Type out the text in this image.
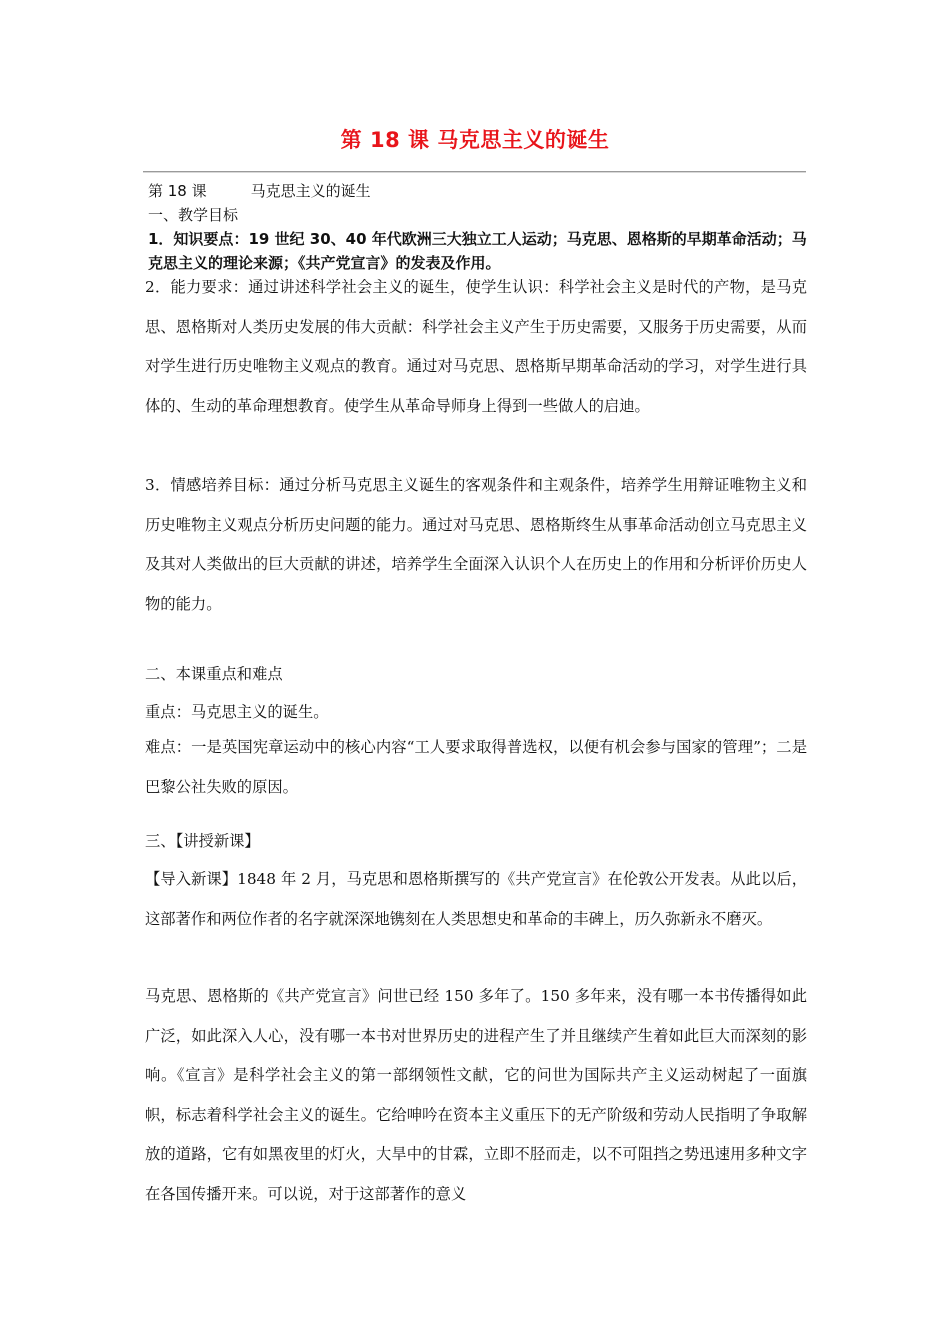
第 18 课 马克思主义的诞生
第 18 课	马克思主义的诞生
一、教学目标
1．知识要点：19 世纪 30、40 年代欧洲三大独立工人运动；马克思、恩格斯的早期革命活动；马克思主义的理论来源；《共产党宣言》的发表及作用。

2．能力要求：通过讲述科学社会主义的诞生，使学生认识：科学社会主义是时代的产物，是马克思、恩格斯对人类历史发展的伟大贡献：科学社会主义产生于历史需要，又服务于历史需要，从而对学生进行历史唯物主义观点的教育。通过对马克思、恩格斯早期革命活动的学习，对学生进行具体的、生动的革命理想教育。使学生从革命导师身上得到一些做人的启迪。

3．情感培养目标：通过分析马克思主义诞生的客观条件和主观条件，培养学生用辩证唯物主义和历史唯物主义观点分析历史问题的能力。通过对马克思、恩格斯终生从事革命活动创立马克思主义及其对人类做出的巨大贡献的讲述，培养学生全面深入认识个人在历史上的作用和分析评价历史人物的能力。

二、本课重点和难点
重点：马克思主义的诞生。

难点：一是英国宪章运动中的核心内容“工人要求取得普选权，以便有机会参与国家的管理”；二是巴黎公社失败的原因。

三、【讲授新课】

【导入新课】1848 年 2 月，马克思和恩格斯撰写的《共产党宣言》在伦敦公开发表。从此以后，这部著作和两位作者的名字就深深地镌刻在人类思想史和革命的丰碑上，历久弥新永不磨灭。

马克思、恩格斯的《共产党宣言》问世已经 150 多年了。150 多年来，没有哪一本书传播得如此广泛，如此深入人心，没有哪一本书对世界历史的进程产生了并且继续产生着如此巨大而深刻的影响。《宣言》是科学社会主义的第一部纲领性文献，它的问世为国际共产主义运动树起了一面旗帜，标志着科学社会主义的诞生。它给呻吟在资本主义重压下的无产阶级和劳动人民指明了争取解放的道路，它有如黑夜里的灯火，大旱中的甘霖，立即不胫而走，以不可阻挡之势迅速用多种文字在各国传播开来。可以说，对于这部著作的意义
